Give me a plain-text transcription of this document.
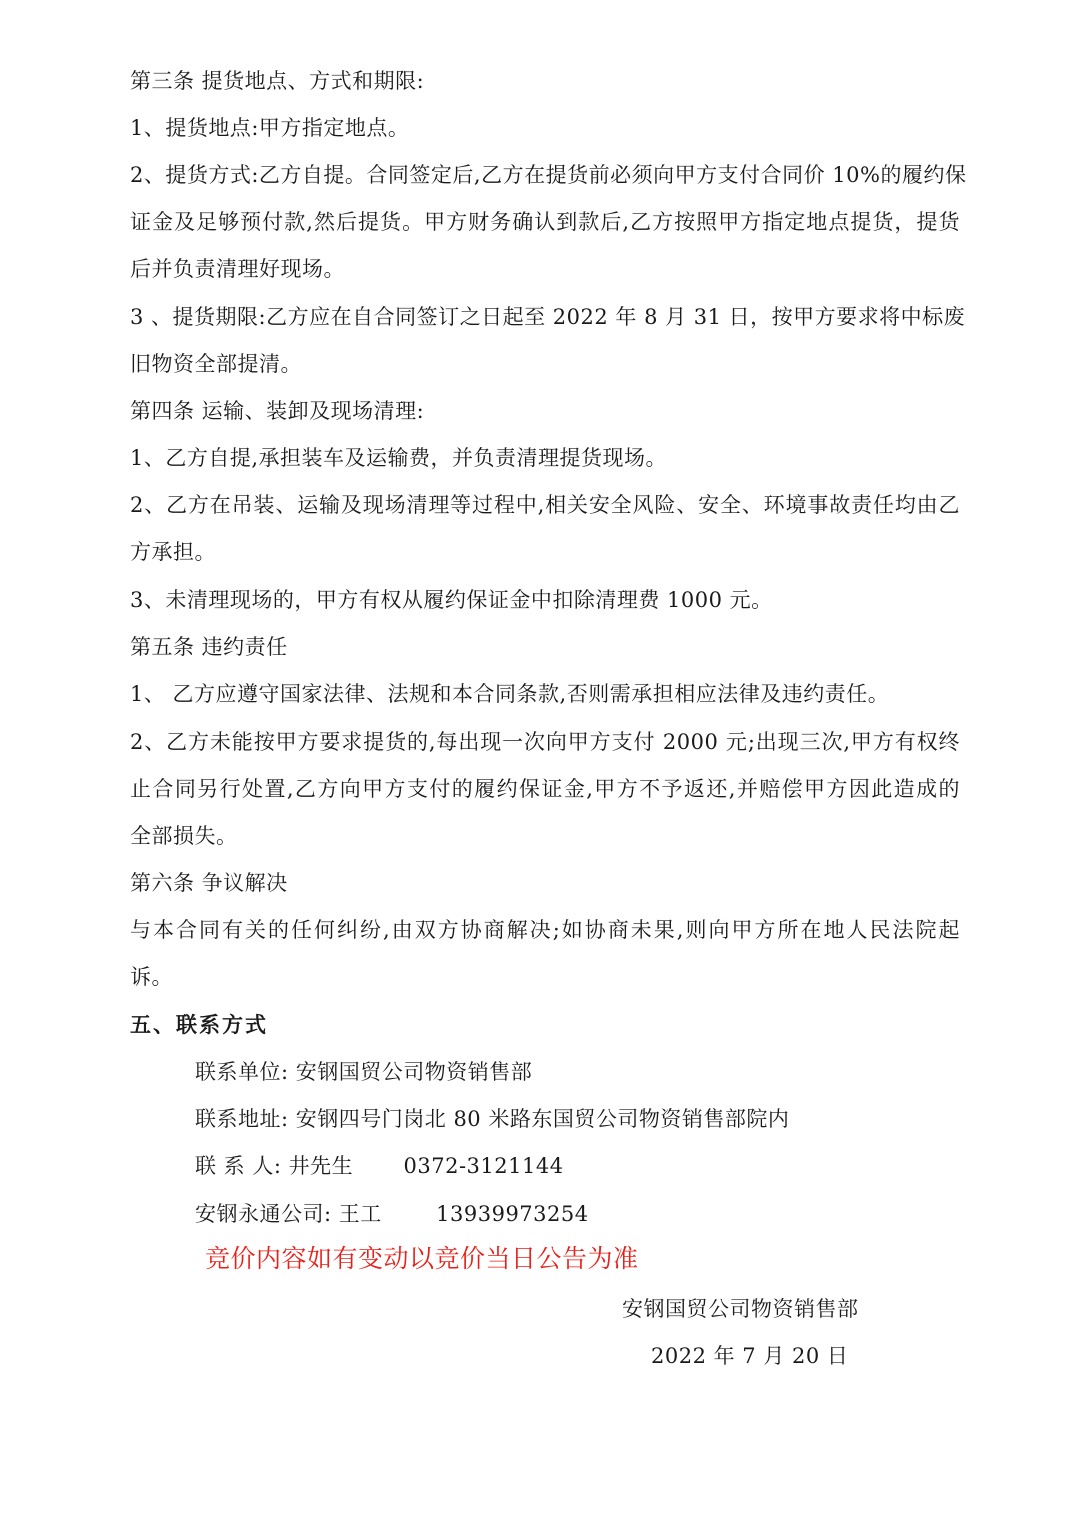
第三条 提货地点、方式和期限:
1、提货地点:甲方指定地点。
2、提货方式:乙方自提。合同签定后,乙方在提货前必须向甲方支付合同价 10%的履约保
证金及足够预付款,然后提货。甲方财务确认到款后,乙方按照甲方指定地点提货，提货
后并负责清理好现场。
3 、提货期限:乙方应在自合同签订之日起至 2022 年 8 月 31 日，按甲方要求将中标废
旧物资全部提清。
第四条 运输、装卸及现场清理:
1、乙方自提,承担装车及运输费，并负责清理提货现场。
2、乙方在吊装、运输及现场清理等过程中,相关安全风险、安全、环境事故责任均由乙
方承担。
3、未清理现场的，甲方有权从履约保证金中扣除清理费 1000 元。
第五条 违约责任
1、 乙方应遵守国家法律、法规和本合同条款,否则需承担相应法律及违约责任。
2、乙方未能按甲方要求提货的,每出现一次向甲方支付 2000 元;出现三次,甲方有权终
止合同另行处置,乙方向甲方支付的履约保证金,甲方不予返还,并赔偿甲方因此造成的
全部损失。
第六条 争议解决
与本合同有关的任何纠纷,由双方协商解决;如协商未果,则向甲方所在地人民法院起
诉。
五、联系方式
联系单位: 安钢国贸公司物资销售部
联系地址: 安钢四号门岗北 80 米路东国贸公司物资销售部院内
联 系 人: 井先生 0372-3121144
安钢永通公司: 王工	13939973254
竞价内容如有变动以竞价当日公告为准
安钢国贸公司物资销售部
2022 年 7 月 20 日
